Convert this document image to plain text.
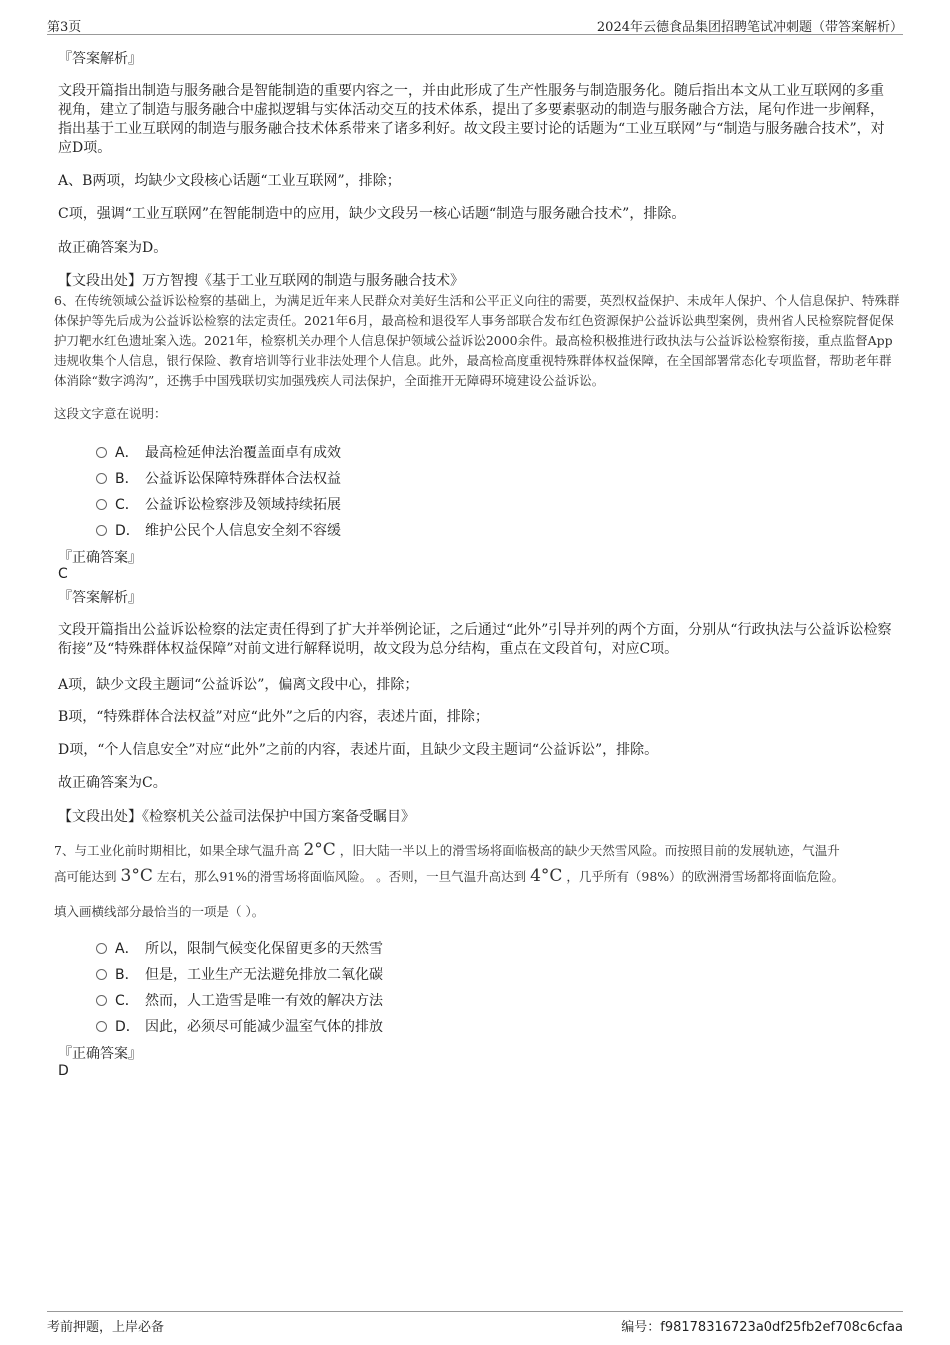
第3页	2024年云德食品集团招聘笔试冲刺题（带答案解析）
『答案解析』
文段开篇指出制造与服务融合是智能制造的重要内容之一，并由此形成了生产性服务与制造服务化。随后指出本文从工业互联网的多重视角，建立了制造与服务融合中虚拟逻辑与实体活动交互的技术体系，提出了多要素驱动的制造与服务融合方法，尾句作进一步阐释，指出基于工业互联网的制造与服务融合技术体系带来了诸多利好。故文段主要讨论的话题为“工业互联网”与“制造与服务融合技术”，对应D项。
A、B两项，均缺少文段核心话题“工业互联网”，排除；
C项，强调“工业互联网”在智能制造中的应用，缺少文段另一核心话题“制造与服务融合技术”，排除。
故正确答案为D。
【文段出处】万方智搜《基于工业互联网的制造与服务融合技术》
6、在传统领域公益诉讼检察的基础上，为满足近年来人民群众对美好生活和公平正义向往的需要，英烈权益保护、未成年人保护、个人信息保护、特殊群体保护等先后成为公益诉讼检察的法定责任。2021年6月，最高检和退役军人事务部联合发布红色资源保护公益诉讼典型案例，贵州省人民检察院督促保护刀靶水红色遗址案入选。2021年，检察机关办理个人信息保护领域公益诉讼2000余件。最高检积极推进行政执法与公益诉讼检察衔接，重点监督App违规收集个人信息，银行保险、教育培训等行业非法处理个人信息。此外，最高检高度重视特殊群体权益保障，在全国部署常态化专项监督，帮助老年群体消除“数字鸿沟”，还携手中国残联切实加强残疾人司法保护，全面推开无障碍环境建设公益诉讼。
这段文字意在说明：
A． 最高检延伸法治覆盖面卓有成效
B． 公益诉讼保障特殊群体合法权益
C． 公益诉讼检察涉及领域持续拓展
D． 维护公民个人信息安全刻不容缓
『正确答案』
C
『答案解析』
文段开篇指出公益诉讼检察的法定责任得到了扩大并举例论证，之后通过“此外”引导并列的两个方面，分别从“行政执法与公益诉讼检察衔接”及“特殊群体权益保障”对前文进行解释说明，故文段为总分结构，重点在文段首句，对应C项。
A项，缺少文段主题词“公益诉讼”，偏离文段中心，排除；
B项，“特殊群体合法权益”对应“此外”之后的内容，表述片面，排除；
D项，“个人信息安全”对应“此外”之前的内容，表述片面，且缺少文段主题词“公益诉讼”，排除。
故正确答案为C。
【文段出处】《检察机关公益司法保护中国方案备受瞩目》
7、与工业化前时期相比，如果全球气温升高 2°C ，旧大陆一半以上的滑雪场将面临极高的缺少天然雪风险。而按照目前的发展轨迹，气温升
高可能达到 3°C 左右，那么91%的滑雪场将面临风险。 。否则，一旦气温升高达到 4°C ，几乎所有（98%）的欧洲滑雪场都将面临危险。
填入画横线部分最恰当的一项是（ ）。
A． 所以，限制气候变化保留更多的天然雪
B． 但是，工业生产无法避免排放二氧化碳
C． 然而，人工造雪是唯一有效的解决方法
D． 因此，必须尽可能减少温室气体的排放
『正确答案』
D
考前押题，上岸必备	编号：f98178316723a0df25fb2ef708c6cfaa
